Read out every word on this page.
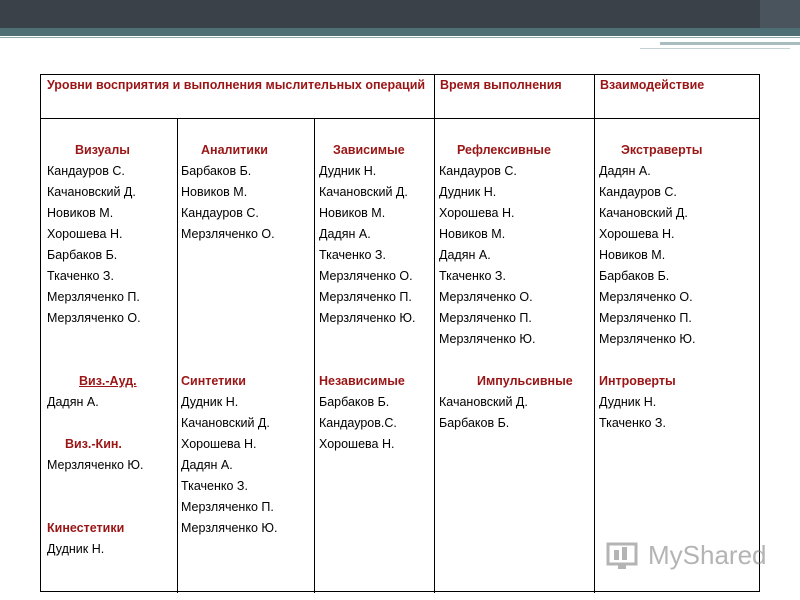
Уровни восприятия и выполнения мыслительных операций Время выполнения	Взаимодействие
Визуалы
Кандауров С.
Качановский Д.
Новиков М.
Хорошева Н.
Барбаков Б.
Ткаченко З.
Мерзляченко П.
Мерзляченко О.
Виз.-Ауд.
Дадян А.
Виз.-Кин.
Мерзляченко Ю.
Кинестетики
Дудник Н.
Аналитики
Барбаков Б.
Новиков М.
Кандауров С.
Мерзляченко О.
Синтетики
Дудник Н.
Качановский Д.
Хорошева Н.
Дадян А.
Ткаченко З.
Мерзляченко П.
Мерзляченко Ю.
Зависимые
Дудник Н.
Качановский Д.
Новиков М.
Дадян А.
Ткаченко З.
Мерзляченко О.
Мерзляченко П.
Мерзляченко Ю.
Независимые
Барбаков Б.
Кандауров.С.
Хорошева Н.
Рефлексивные
Кандауров С.
Дудник Н.
Хорошева Н.
Новиков М.
Дадян А.
Ткаченко З.
Мерзляченко О.
Мерзляченко П.
Мерзляченко Ю.
Импульсивные
Качановский Д.
Барбаков Б.
Экстраверты
Дадян А.
Кандауров С.
Качановский Д.
Хорошева Н.
Новиков М.
Барбаков Б.
Мерзляченко О.
Мерзляченко П.
Мерзляченко Ю.
Интроверты
Дудник Н.
Ткаченко З.
MyShared
